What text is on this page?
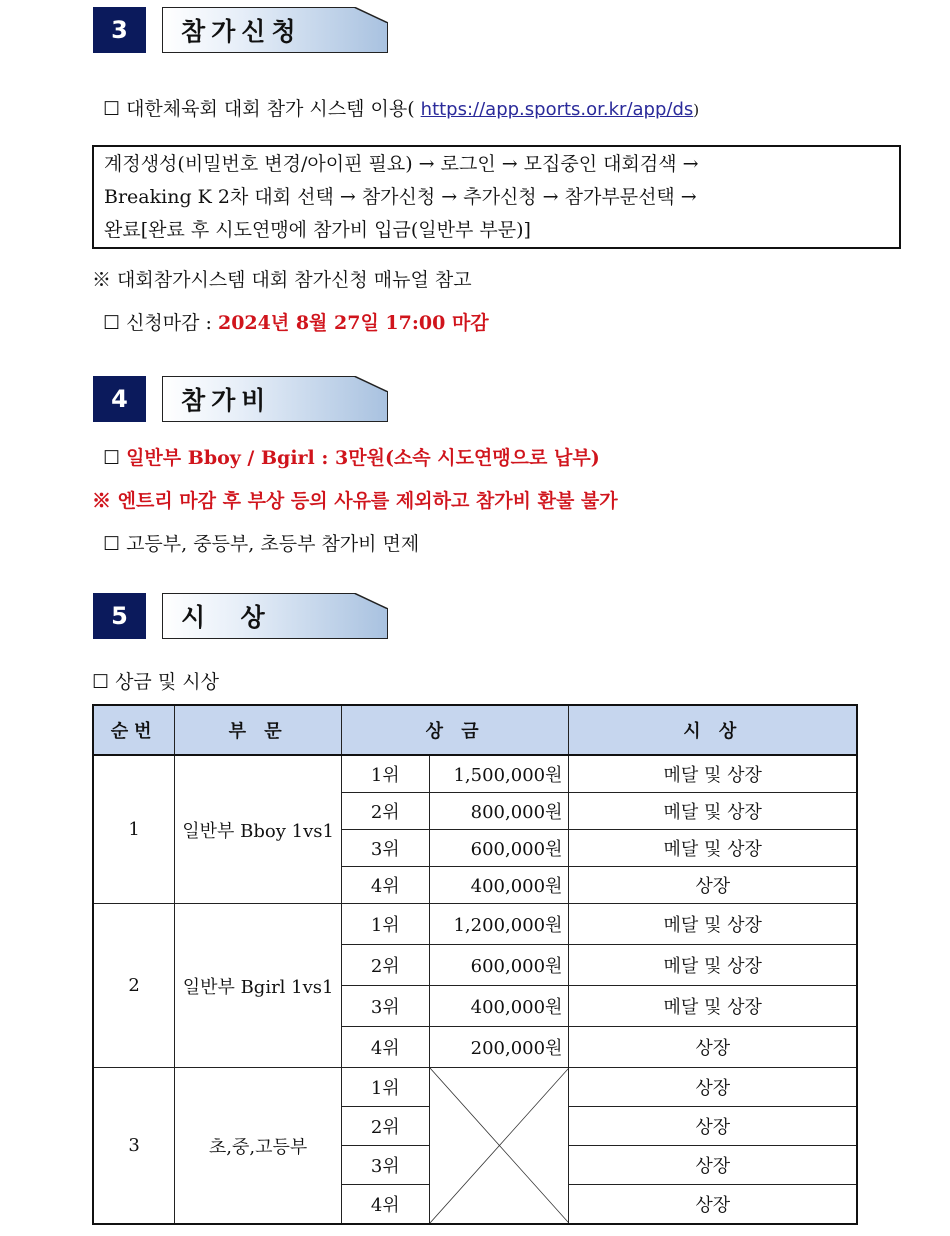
3	참가신청
☐ 대한체육회 대회 참가 시스템 이용( https://app.sports.or.kr/app/ds)
계정생성(비밀번호 변경/아이핀 필요) → 로그인 → 모집중인 대회검색 →
Breaking K 2차 대회 선택 → 참가신청 → 추가신청 → 참가부문선택 →
완료[완료 후 시도연맹에 참가비 입금(일반부 부문)]
※ 대회참가시스템 대회 참가신청 매뉴얼 참고
☐ 신청마감 : 2024년 8월 27일 17:00 마감
4	참가비
☐ 일반부 Bboy / Bgirl : 3만원(소속 시도연맹으로 납부)
※ 엔트리 마감 후 부상 등의 사유를 제외하고 참가비 환불 불가
☐ 고등부, 중등부, 초등부 참가비 면제
5	시  상
☐ 상금 및 시상
순번	부 문	상 금		시 상
1	일반부 Bboy 1vs1	1위	1,500,000원	메달 및 상장
		2위	800,000원	메달 및 상장
		3위	600,000원	메달 및 상장
		4위	400,000원	상장
2	일반부 Bgirl 1vs1	1위	1,200,000원	메달 및 상장
		2위	600,000원	메달 및 상장
		3위	400,000원	메달 및 상장
		4위	200,000원	상장
3	초,중,고등부	1위		상장
		2위		상장
		3위		상장
		4위		상장
